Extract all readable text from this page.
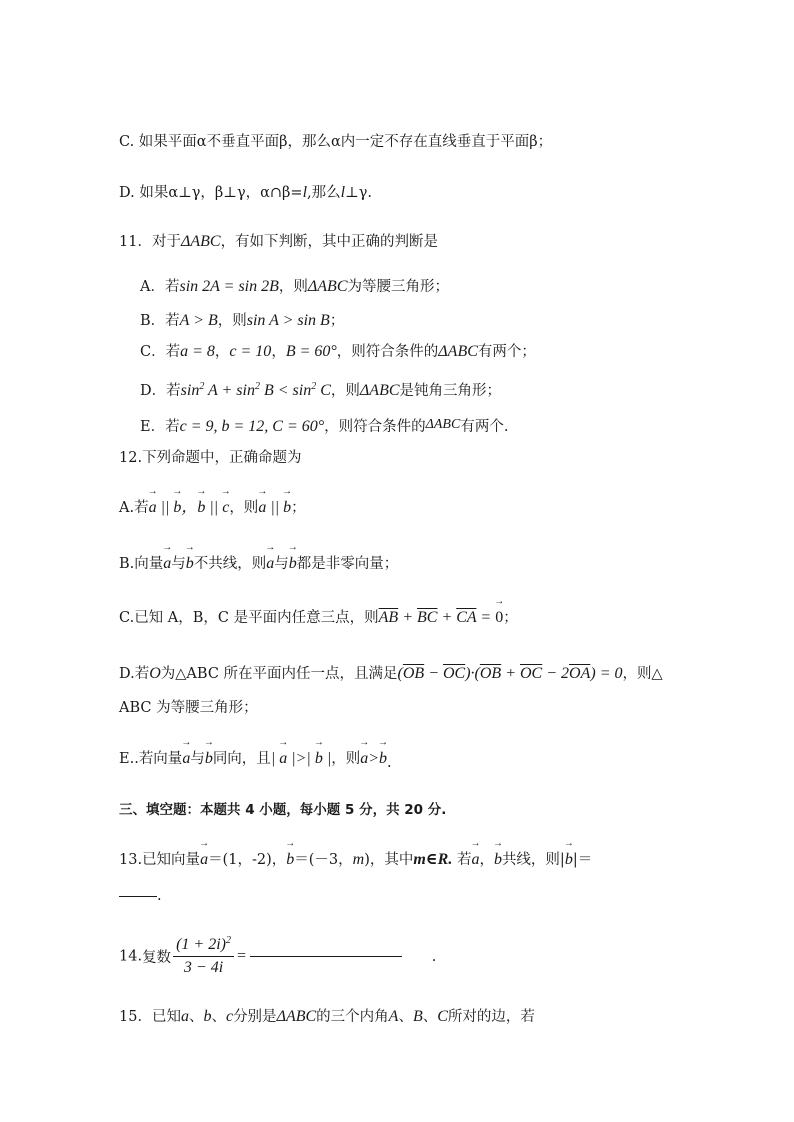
C. 如果平面α不垂直平面β，那么α内一定不存在直线垂直于平面β；
D. 如果α⊥γ，β⊥γ，α∩β=l,那么l⊥γ.
11．对于ΔABC，有如下判断，其中正确的判断是
A．若sin 2A = sin 2B，则ΔABC为等腰三角形；
B．若A > B，则sin A > sin B；
C．若a = 8，c = 10，B = 60°，则符合条件的ΔABC有两个；
D．若$\sin^2 A + \sin^2 B < \sin^2 C$，则ΔABC是钝角三角形；
E．若c = 9, b = 12, C = 60°，则符合条件的ΔABC有两个.
12.下列命题中，正确命题为
A.若→ a || → b，→ b || → c，则→ a || → b；
B.向量→ a与→ b不共线，则→ a与→ b都是非零向量；
C.已知 A，B，C 是平面内任意三点，则$\overline{AB} + \overline{BC} + \overline{CA}$ = → 0；
D.若O为△ABC 所在平面内任一点，且满足$(\overline{OB} - \overline{OC})\cdot(\overline{OB} + \overline{OC} - 2\overline{OA}) = 0$，则△
ABC 为等腰三角形；
E..若向量→ a与→ b同向，且| → a |>| → b |，则→ a>→ b.
三、填空题：本题共 4 小题，每小题 5 分，共 20 分.
13.已知向量→ a＝(1，-2)，→ b＝(－3，m)，其中m∈R. 若→ a，→ b共线，则|→ b|＝
.
14.复数 $\frac{(1 + 2i)^2}{3 - 4i}$ =	.
15．已知a、b、c分别是ΔABC的三个内角A、B、C所对的边，若
